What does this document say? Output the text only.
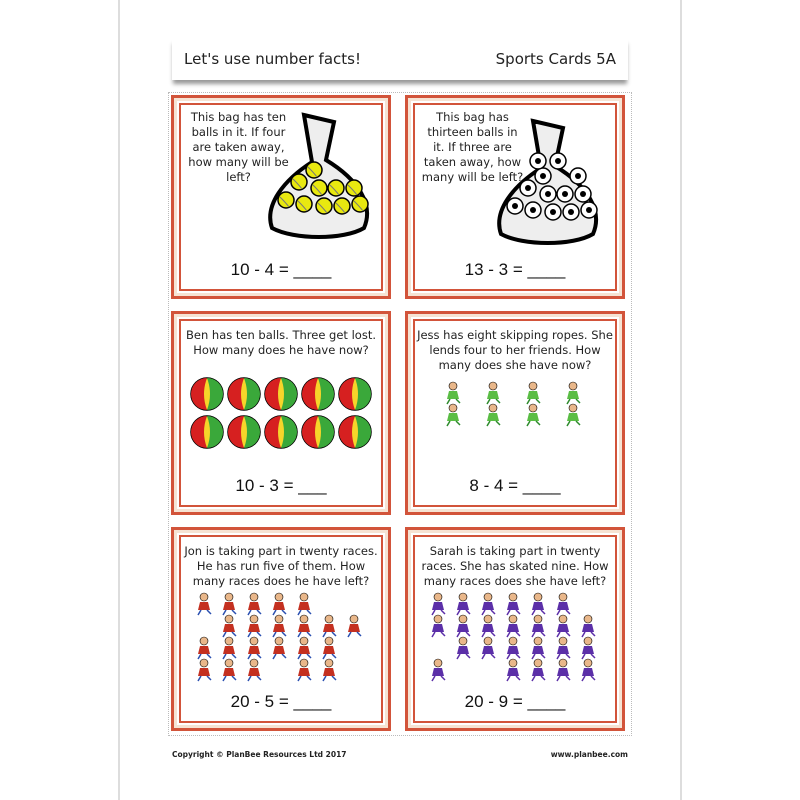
Let's use number facts!	Sports Cards 5A
This bag has ten balls in it. If four are taken away, how many will be left?
10 - 4 = ____
This bag has thirteen balls in it. If three are taken away, how many will be left?
13 - 3 = ____
Ben has ten balls. Three get lost. How many does he have now?
10 - 3 = ___
Jess has eight skipping ropes. She lends four to her friends. How many does she have now?
8 - 4 = ____
Jon is taking part in twenty races. He has run five of them. How many races does he have left?
20 - 5 = ____
Sarah is taking part in twenty races. She has skated nine. How many races does she have left?
20 - 9 = ____
Copyright © PlanBee Resources Ltd 2017	www.planbee.com
